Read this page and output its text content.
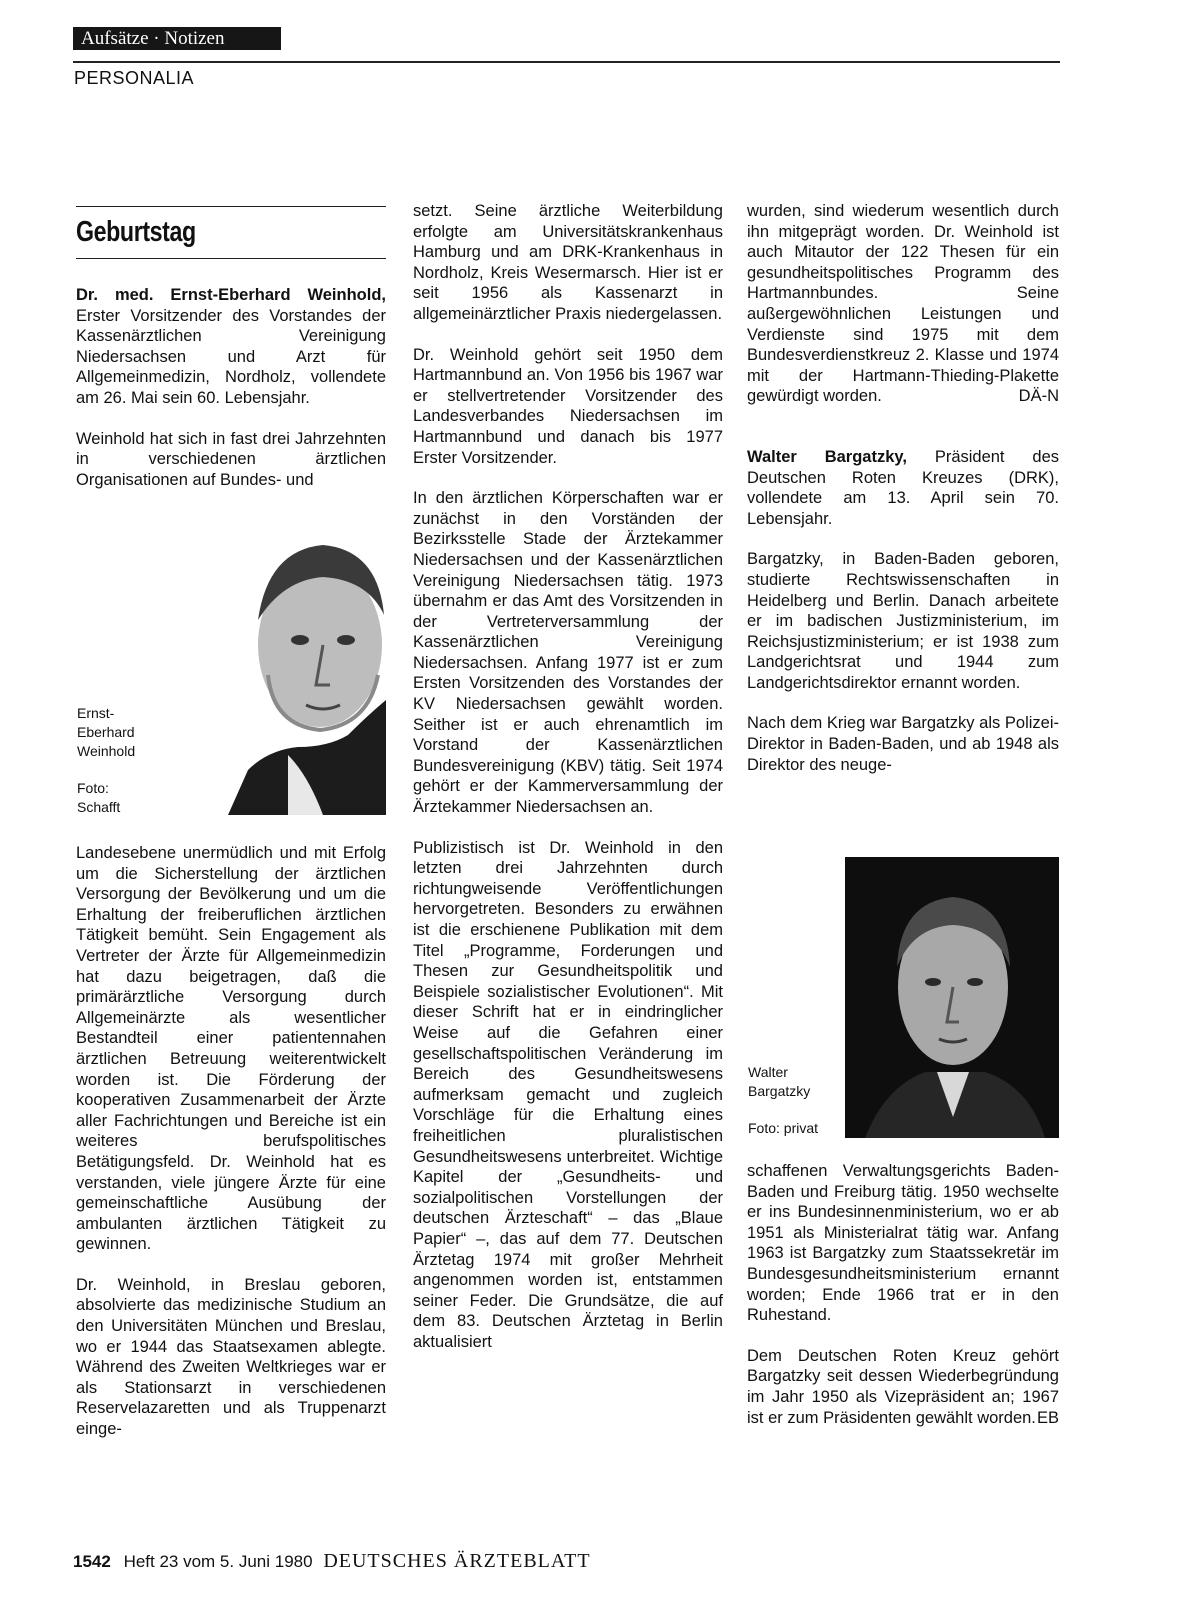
Aufsätze · Notizen
PERSONALIA
Geburtstag

Dr. med. Ernst-Eberhard Weinhold, Erster Vorsitzender des Vorstandes der Kassenärztlichen Vereinigung Niedersachsen und Arzt für Allgemeinmedizin, Nordholz, vollendete am 26. Mai sein 60. Lebensjahr.

Weinhold hat sich in fast drei Jahrzehnten in verschiedenen ärztlichen Organisationen auf Bundes- und

Ernst-Eberhard Weinhold
Foto: Schafft

Landesebene unermüdlich und mit Erfolg um die Sicherstellung der ärztlichen Versorgung der Bevölkerung und um die Erhaltung der freiberuflichen ärztlichen Tätigkeit bemüht. Sein Engagement als Vertreter der Ärzte für Allgemeinmedizin hat dazu beigetragen, daß die primärärztliche Versorgung durch Allgemeinärzte als wesentlicher Bestandteil einer patientennahen ärztlichen Betreuung weiterentwickelt worden ist. Die Förderung der kooperativen Zusammenarbeit der Ärzte aller Fachrichtungen und Bereiche ist ein weiteres berufspolitisches Betätigungsfeld. Dr. Weinhold hat es verstanden, viele jüngere Ärzte für eine gemeinschaftliche Ausübung der ambulanten ärztlichen Tätigkeit zu gewinnen.

Dr. Weinhold, in Breslau geboren, absolvierte das medizinische Studium an den Universitäten München und Breslau, wo er 1944 das Staatsexamen ablegte. Während des Zweiten Weltkrieges war er als Stationsarzt in verschiedenen Reservelazaretten und als Truppenarzt einge-

setzt. Seine ärztliche Weiterbildung erfolgte am Universitätskrankenhaus Hamburg und am DRK-Krankenhaus in Nordholz, Kreis Wesermarsch. Hier ist er seit 1956 als Kassenarzt in allgemeinärztlicher Praxis niedergelassen.

Dr. Weinhold gehört seit 1950 dem Hartmannbund an. Von 1956 bis 1967 war er stellvertretender Vorsitzender des Landesverbandes Niedersachsen im Hartmannbund und danach bis 1977 Erster Vorsitzender.

In den ärztlichen Körperschaften war er zunächst in den Vorständen der Bezirksstelle Stade der Ärztekammer Niedersachsen und der Kassenärztlichen Vereinigung Niedersachsen tätig. 1973 übernahm er das Amt des Vorsitzenden in der Vertreterversammlung der Kassenärztlichen Vereinigung Niedersachsen. Anfang 1977 ist er zum Ersten Vorsitzenden des Vorstandes der KV Niedersachsen gewählt worden. Seither ist er auch ehrenamtlich im Vorstand der Kassenärztlichen Bundesvereinigung (KBV) tätig. Seit 1974 gehört er der Kammerversammlung der Ärztekammer Niedersachsen an.

Publizistisch ist Dr. Weinhold in den letzten drei Jahrzehnten durch richtungweisende Veröffentlichungen hervorgetreten. Besonders zu erwähnen ist die erschienene Publikation mit dem Titel „Programme, Forderungen und Thesen zur Gesundheitspolitik und Beispiele sozialistischer Evolutionen“. Mit dieser Schrift hat er in eindringlicher Weise auf die Gefahren einer gesellschaftspolitischen Veränderung im Bereich des Gesundheitswesens aufmerksam gemacht und zugleich Vorschläge für die Erhaltung eines freiheitlichen pluralistischen Gesundheitswesens unterbreitet. Wichtige Kapitel der „Gesundheits- und sozialpolitischen Vorstellungen der deutschen Ärzteschaft“ – das „Blaue Papier“ –, das auf dem 77. Deutschen Ärztetag 1974 mit großer Mehrheit angenommen worden ist, entstammen seiner Feder. Die Grundsätze, die auf dem 83. Deutschen Ärztetag in Berlin aktualisiert

wurden, sind wiederum wesentlich durch ihn mitgeprägt worden. Dr. Weinhold ist auch Mitautor der 122 Thesen für ein gesundheitspolitisches Programm des Hartmannbundes. Seine außergewöhnlichen Leistungen und Verdienste sind 1975 mit dem Bundesverdienstkreuz 2. Klasse und 1974 mit der Hartmann-Thieding-Plakette gewürdigt worden.	DÄ-N

Walter Bargatzky, Präsident des Deutschen Roten Kreuzes (DRK), vollendete am 13. April sein 70. Lebensjahr.

Bargatzky, in Baden-Baden geboren, studierte Rechtswissenschaften in Heidelberg und Berlin. Danach arbeitete er im badischen Justizministerium, im Reichsjustizministerium; er ist 1938 zum Landgerichtsrat und 1944 zum Landgerichtsdirektor ernannt worden.

Nach dem Krieg war Bargatzky als Polizei-Direktor in Baden-Baden, und ab 1948 als Direktor des neuge-

Walter Bargatzky
Foto: privat

schaffenen Verwaltungsgerichts Baden-Baden und Freiburg tätig. 1950 wechselte er ins Bundesinnenministerium, wo er ab 1951 als Ministerialrat tätig war. Anfang 1963 ist Bargatzky zum Staatssekretär im Bundesgesundheitsministerium ernannt worden; Ende 1966 trat er in den Ruhestand.

Dem Deutschen Roten Kreuz gehört Bargatzky seit dessen Wiederbegründung im Jahr 1950 als Vizepräsident an; 1967 ist er zum Präsidenten gewählt worden. EB

1542 Heft 23 vom 5. Juni 1980 DEUTSCHES ÄRZTEBLATT
